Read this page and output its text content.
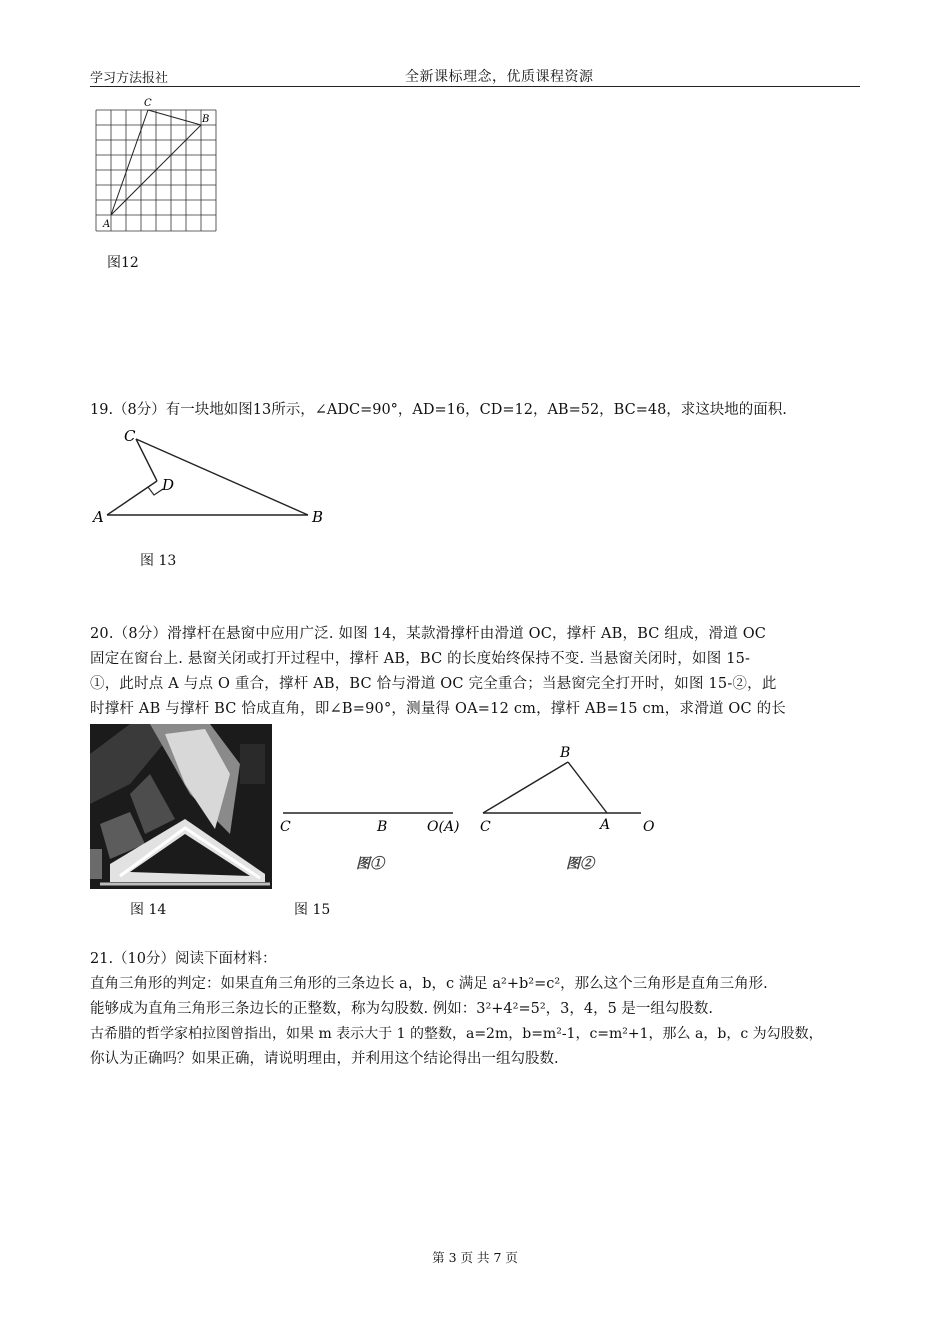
学习方法报社	全新课标理念，优质课程资源
C
B
A
图12
19.（8分）有一块地如图13所示，∠ADC=90°，AD=16，CD=12，AB=52，BC=48，求这块地的面积.
C
D
A	B
图 13
20.（8分）滑撑杆在悬窗中应用广泛. 如图 14，某款滑撑杆由滑道 OC，撑杆 AB，BC 组成，滑道 OC
固定在窗台上. 悬窗关闭或打开过程中，撑杆 AB，BC 的长度始终保持不变. 当悬窗关闭时，如图 15-
①，此时点 A 与点 O 重合，撑杆 AB，BC 恰与滑道 OC 完全重合；当悬窗完全打开时，如图 15-②，此
时撑杆 AB 与撑杆 BC 恰成直角，即∠B=90°，测量得 OA=12 cm，撑杆 AB=15 cm，求滑道 OC 的长
C	B	O(A)
图①
B
C	A O
图②
图 14	图 15
21.（10分）阅读下面材料：
直角三角形的判定：如果直角三角形的三条边长 a，b，c 满足 a²+b²=c²，那么这个三角形是直角三角形.
能够成为直角三角形三条边长的正整数，称为勾股数. 例如：3²+4²=5²，3，4，5 是一组勾股数.
古希腊的哲学家柏拉图曾指出，如果 m 表示大于 1 的整数，a=2m，b=m²-1，c=m²+1，那么 a，b，c 为勾股数，
你认为正确吗？如果正确，请说明理由，并利用这个结论得出一组勾股数.
第 3 页 共 7 页
